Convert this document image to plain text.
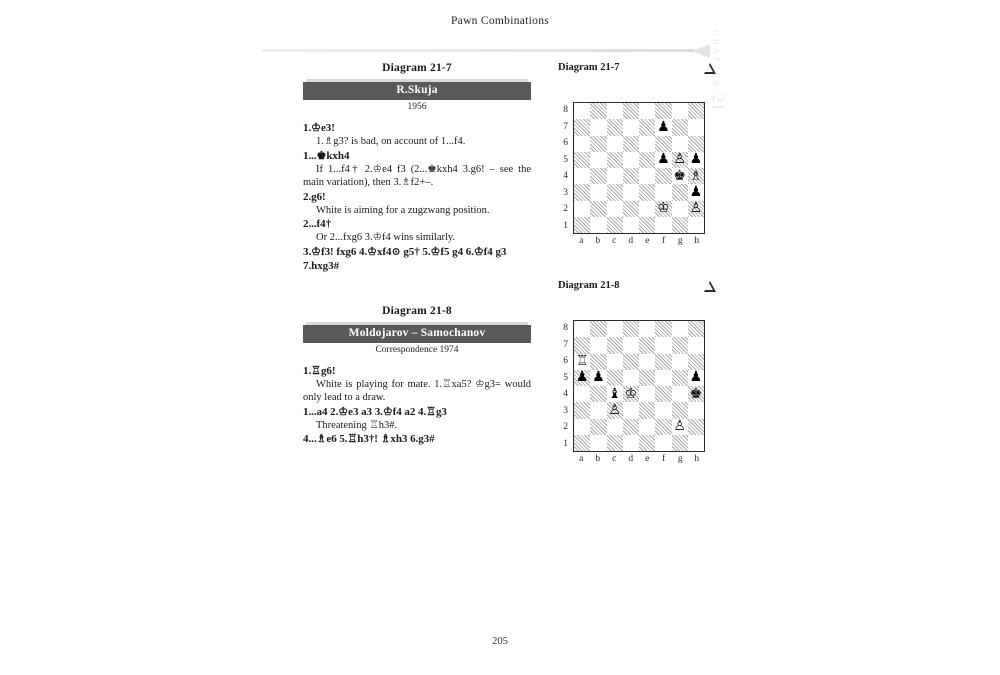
Pawn Combinations
CHAPTER 21
Diagram 21-7
R.Skuja
1956

1.♔e3!

1.♗g3? is bad, on account of 1...f4.

1...♚kxh4

If 1...f4† 2.♔e4 f3 (2...♚kxh4 3.g6! – see the main variation), then 3.♗f2+–.

2.g6!

White is aiming for a zugzwang position.

2...f4†

Or 2...fxg6 3.♔f4 wins similarly.

3.♔f3! fxg6 4.♔xf4⊙ g5† 5.♔f5 g4 6.♔f4 g3 7.hxg3#

Diagram 21-8
Moldojarov – Samochanov
Correspondence 1974

1.♖g6!

White is playing for mate. 1.♖xa5? ♔g3= would only lead to a draw.

1...a4 2.♔e3 a3 3.♔f4 a2 4.♖g3

Threatening ♖h3#.

4...♗e6 5.♖h3†! ♗xh3 6.g3#

Diagram 21-7
8
7
6
5
4
3
2
1
♟
♟ ♙ ♟
♚ ♗
♟
♔ ♙
a	b	c	d	e	f	g	h
Diagram 21-8
8
7
6
5
4
3
2
1
♖
♟ ♟	♟
♝ ♔	♚
♙
♙
a	b	c	d	e	f	g	h
205
